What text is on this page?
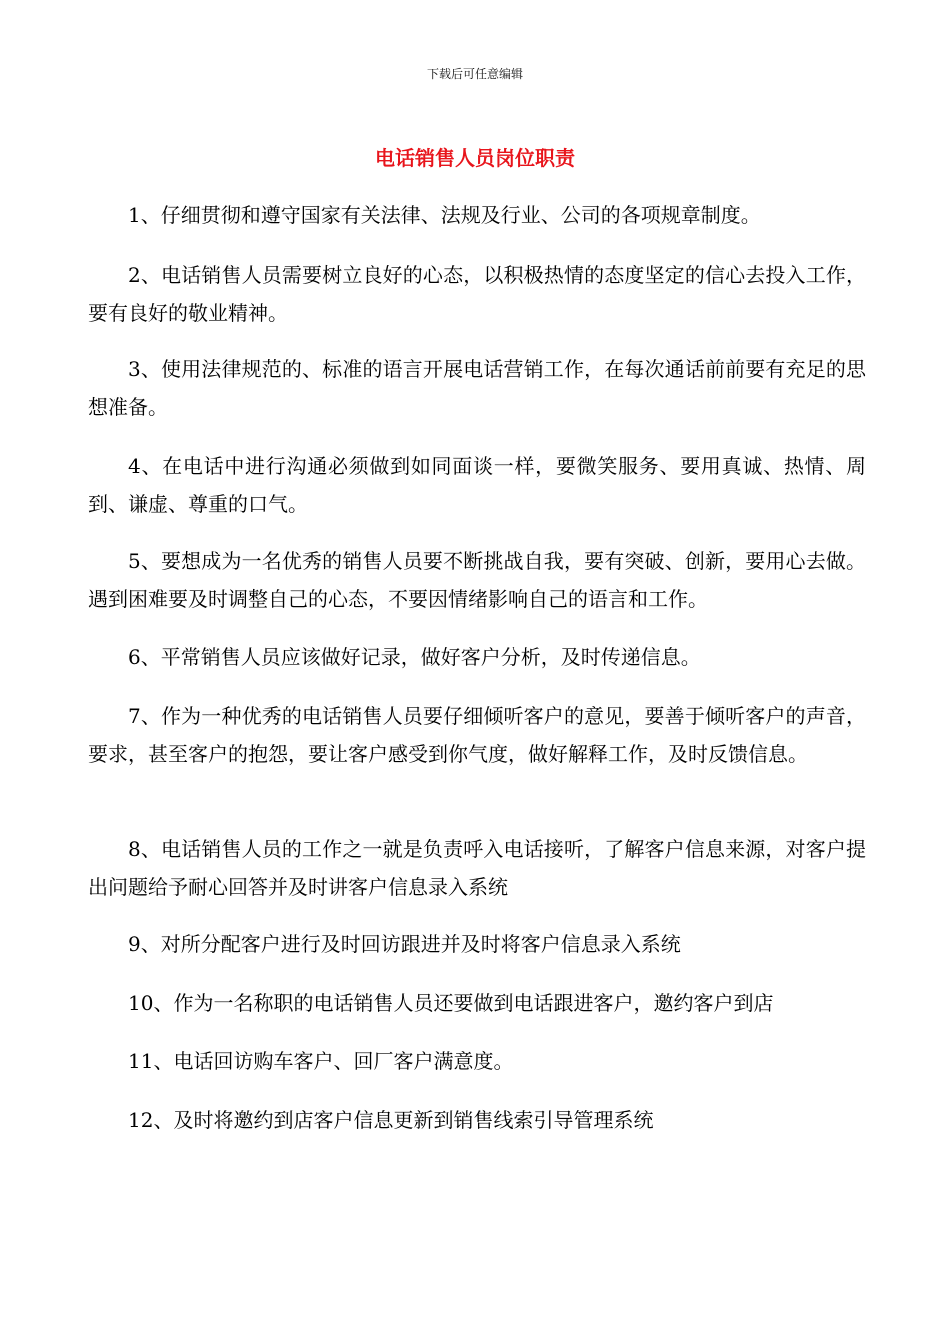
下载后可任意编辑
电话销售人员岗位职责

1、仔细贯彻和遵守国家有关法律、法规及行业、公司的各项规章制度。

2、电话销售人员需要树立良好的心态，以积极热情的态度坚定的信心去投入工作，要有良好的敬业精神。

3、使用法律规范的、标准的语言开展电话营销工作，在每次通话前前要有充足的思想准备。

4、在电话中进行沟通必须做到如同面谈一样，要微笑服务、要用真诚、热情、周到、谦虚、尊重的口气。

5、要想成为一名优秀的销售人员要不断挑战自我，要有突破、创新，要用心去做。遇到困难要及时调整自己的心态，不要因情绪影响自己的语言和工作。

6、平常销售人员应该做好记录，做好客户分析，及时传递信息。

7、作为一种优秀的电话销售人员要仔细倾听客户的意见，要善于倾听客户的声音，要求，甚至客户的抱怨，要让客户感受到你气度，做好解释工作，及时反馈信息。

8、电话销售人员的工作之一就是负责呼入电话接听，了解客户信息来源，对客户提出问题给予耐心回答并及时讲客户信息录入系统

9、对所分配客户进行及时回访跟进并及时将客户信息录入系统

10、作为一名称职的电话销售人员还要做到电话跟进客户，邀约客户到店

11、电话回访购车客户、回厂客户满意度。

12、及时将邀约到店客户信息更新到销售线索引导管理系统
